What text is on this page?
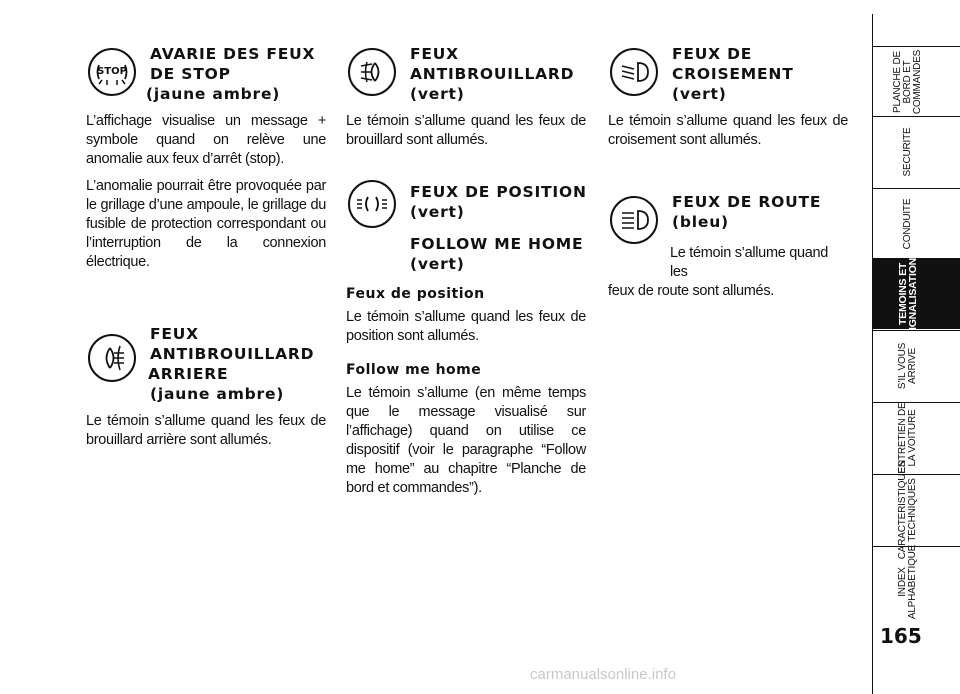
STOP
AVARIE DES FEUX
DE STOP
(jaune ambre)

L’affichage visualise un message + symbole quand on relève une anomalie aux feux d’arrêt (stop).

L’anomalie pourrait être provoquée par le grillage d’une ampoule, le grillage du fusible de protection correspondant ou l’interruption de la connexion électrique.

FEUX
ANTIBROUILLARD
ARRIERE
(jaune ambre)

Le témoin s’allume quand les feux de brouillard arrière sont allumés.

FEUX
ANTIBROUILLARD
(vert)

Le témoin s’allume quand les feux de brouillard sont allumés.

FEUX DE POSITION
(vert)
FOLLOW ME HOME
(vert)
Feux de position

Le témoin s’allume quand les feux de position sont allumés.

Follow me home

Le témoin s’allume (en même temps que le message visualisé sur l’affichage) quand on utilise ce dispositif (voir le paragraphe “Follow me home” au chapitre “Planche de bord et commandes”).

FEUX DE
CROISEMENT
(vert)

Le témoin s’allume quand les feux de croisement sont allumés.

FEUX DE ROUTE
(bleu)

Le témoin s’allume quand les
feux de route sont allumés.

PLANCHE DE BORD ET COMMANDES
SECURITE
CONDUITE
TEMOINS ET SIGNALISATIONS
S’IL VOUS ARRIVE
ENTRETIEN DE LA VOITURE
CARACTERISTIQUES TECHNIQUES
INDEX ALPHABETIQUE
165
carmanualsonline.info
